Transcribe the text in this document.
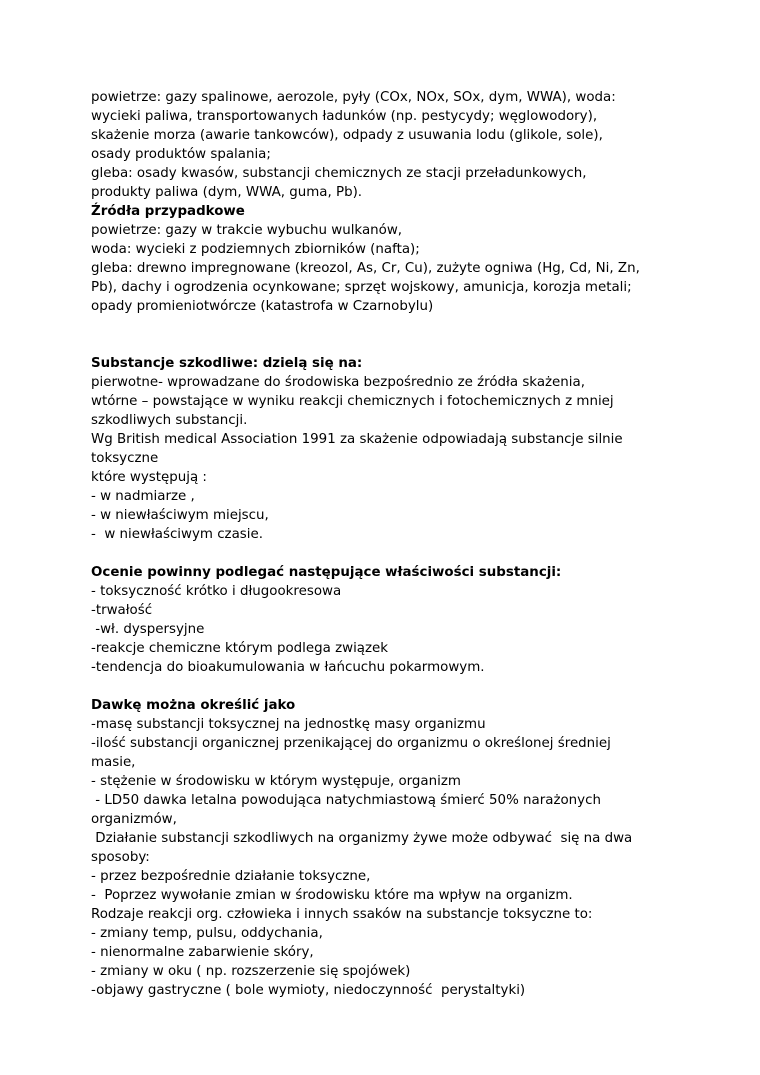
powietrze: gazy spalinowe, aerozole, pyły (COx, NOx, SOx, dym, WWA), woda:
wycieki paliwa, transportowanych ładunków (np. pestycydy; węglowodory),
skażenie morza (awarie tankowców), odpady z usuwania lodu (glikole, sole),
osady produktów spalania;
gleba: osady kwasów, substancji chemicznych ze stacji przeładunkowych,
produkty paliwa (dym, WWA, guma, Pb).
Źródła przypadkowe
powietrze: gazy w trakcie wybuchu wulkanów,
woda: wycieki z podziemnych zbiorników (nafta);
gleba: drewno impregnowane (kreozol, As, Cr, Cu), zużyte ogniwa (Hg, Cd, Ni, Zn,
Pb), dachy i ogrodzenia ocynkowane; sprzęt wojskowy, amunicja, korozja metali;
opady promieniotwórcze (katastrofa w Czarnobylu)
Substancje szkodliwe: dzielą się na:
pierwotne- wprowadzane do środowiska bezpośrednio ze źródła skażenia,
wtórne – powstające w wyniku reakcji chemicznych i fotochemicznych z mniej
szkodliwych substancji.
Wg British medical Association 1991 za skażenie odpowiadają substancje silnie
toksyczne
które występują :
- w nadmiarze ,
- w niewłaściwym miejscu,
-  w niewłaściwym czasie.
Ocenie powinny podlegać następujące właściwości substancji:
- toksyczność krótko i długookresowa
-trwałość
-wł. dyspersyjne
-reakcje chemiczne którym podlega związek
-tendencja do bioakumulowania w łańcuchu pokarmowym.
Dawkę można określić jako
-masę substancji toksycznej na jednostkę masy organizmu
-ilość substancji organicznej przenikającej do organizmu o określonej średniej
masie,
- stężenie w środowisku w którym występuje, organizm
- LD50 dawka letalna powodująca natychmiastową śmierć 50% narażonych
organizmów,
Działanie substancji szkodliwych na organizmy żywe może odbywać  się na dwa
sposoby:
- przez bezpośrednie działanie toksyczne,
-  Poprzez wywołanie zmian w środowisku które ma wpływ na organizm.
Rodzaje reakcji org. człowieka i innych ssaków na substancje toksyczne to:
- zmiany temp, pulsu, oddychania,
- nienormalne zabarwienie skóry,
- zmiany w oku ( np. rozszerzenie się spojówek)
-objawy gastryczne ( bole wymioty, niedoczynność  perystaltyki)
